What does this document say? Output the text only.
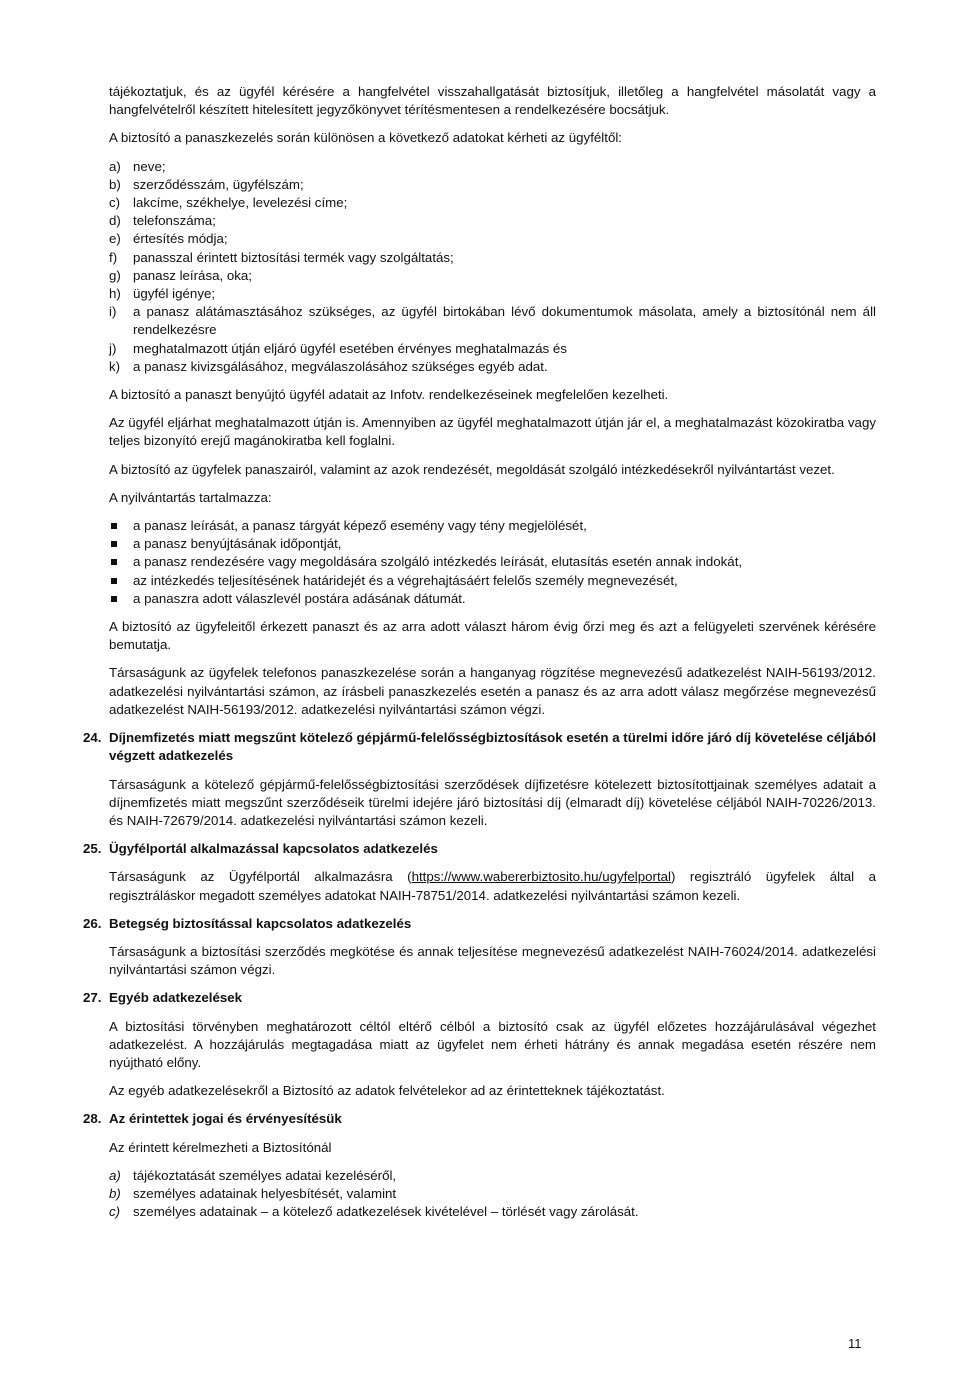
tájékoztatjuk, és az ügyfél kérésére a hangfelvétel visszahallgatását biztosítjuk, illetőleg a hangfelvétel másolatát vagy a hangfelvételről készített hitelesített jegyzőkönyvet térítésmentesen a rendelkezésére bocsátjuk.

A biztosító a panaszkezelés során különösen a következő adatokat kérheti az ügyféltől:

a) neve;
b) szerződésszám, ügyfélszám;
c) lakcíme, székhelye, levelezési címe;
d) telefonszáma;
e) értesítés módja;
f) panasszal érintett biztosítási termék vagy szolgáltatás;
g) panasz leírása, oka;
h) ügyfél igénye;
i) a panasz alátámasztásához szükséges, az ügyfél birtokában lévő dokumentumok másolata, amely a biztosítónál nem áll rendelkezésre
j) meghatalmazott útján eljáró ügyfél esetében érvényes meghatalmazás és
k) a panasz kivizsgálásához, megválaszolásához szükséges egyéb adat.

A biztosító a panaszt benyújtó ügyfél adatait az Infotv. rendelkezéseinek megfelelően kezelheti.

Az ügyfél eljárhat meghatalmazott útján is. Amennyiben az ügyfél meghatalmazott útján jár el, a meghatalmazást közokiratba vagy teljes bizonyító erejű magánokiratba kell foglalni.

A biztosító az ügyfelek panaszairól, valamint az azok rendezését, megoldását szolgáló intézkedésekről nyilvántartást vezet.

A nyilvántartás tartalmazza:

a panasz leírását, a panasz tárgyát képező esemény vagy tény megjelölését,
a panasz benyújtásának időpontját,
a panasz rendezésére vagy megoldására szolgáló intézkedés leírását, elutasítás esetén annak indokát,
az intézkedés teljesítésének határidejét és a végrehajtásáért felelős személy megnevezését,
a panaszra adott válaszlevél postára adásának dátumát.

A biztosító az ügyfeleitől érkezett panaszt és az arra adott választ három évig őrzi meg és azt a felügyeleti szervének kérésére bemutatja.

Társaságunk az ügyfelek telefonos panaszkezelése során a hanganyag rögzítése megnevezésű adatkezelést NAIH-56193/2012. adatkezelési nyilvántartási számon, az írásbeli panaszkezelés esetén a panasz és az arra adott válasz megőrzése megnevezésű adatkezelést NAIH-56193/2012. adatkezelési nyilvántartási számon végzi.

24. Díjnemfizetés miatt megszűnt kötelező gépjármű-felelősségbiztosítások esetén a türelmi időre járó díj követelése céljából végzett adatkezelés

Társaságunk a kötelező gépjármű-felelősségbiztosítási szerződések díjfizetésre kötelezett biztosítottjainak személyes adatait a díjnemfizetés miatt megszűnt szerződéseik türelmi idejére járó biztosítási díj (elmaradt díj) követelése céljából NAIH-70226/2013. és NAIH-72679/2014. adatkezelési nyilvántartási számon kezeli.

25. Ügyfélportál alkalmazással kapcsolatos adatkezelés

Társaságunk az Ügyfélportál alkalmazásra (https://www.wabererbiztosito.hu/ugyfelportal) regisztráló ügyfelek által a regisztráláskor megadott személyes adatokat NAIH-78751/2014. adatkezelési nyilvántartási számon kezeli.

26. Betegség biztosítással kapcsolatos adatkezelés

Társaságunk a biztosítási szerződés megkötése és annak teljesítése megnevezésű adatkezelést NAIH-76024/2014. adatkezelési nyilvántartási számon végzi.

27. Egyéb adatkezelések

A biztosítási törvényben meghatározott céltól eltérő célból a biztosító csak az ügyfél előzetes hozzájárulásával végezhet adatkezelést. A hozzájárulás megtagadása miatt az ügyfelet nem érheti hátrány és annak megadása esetén részére nem nyújtható előny.

Az egyéb adatkezelésekről a Biztosító az adatok felvételekor ad az érintetteknek tájékoztatást.

28. Az érintettek jogai és érvényesítésük

Az érintett kérelmezheti a Biztosítónál

a) tájékoztatását személyes adatai kezeléséről,
b) személyes adatainak helyesbítését, valamint
c) személyes adatainak – a kötelező adatkezelések kivételével – törlését vagy zárolását.
11
